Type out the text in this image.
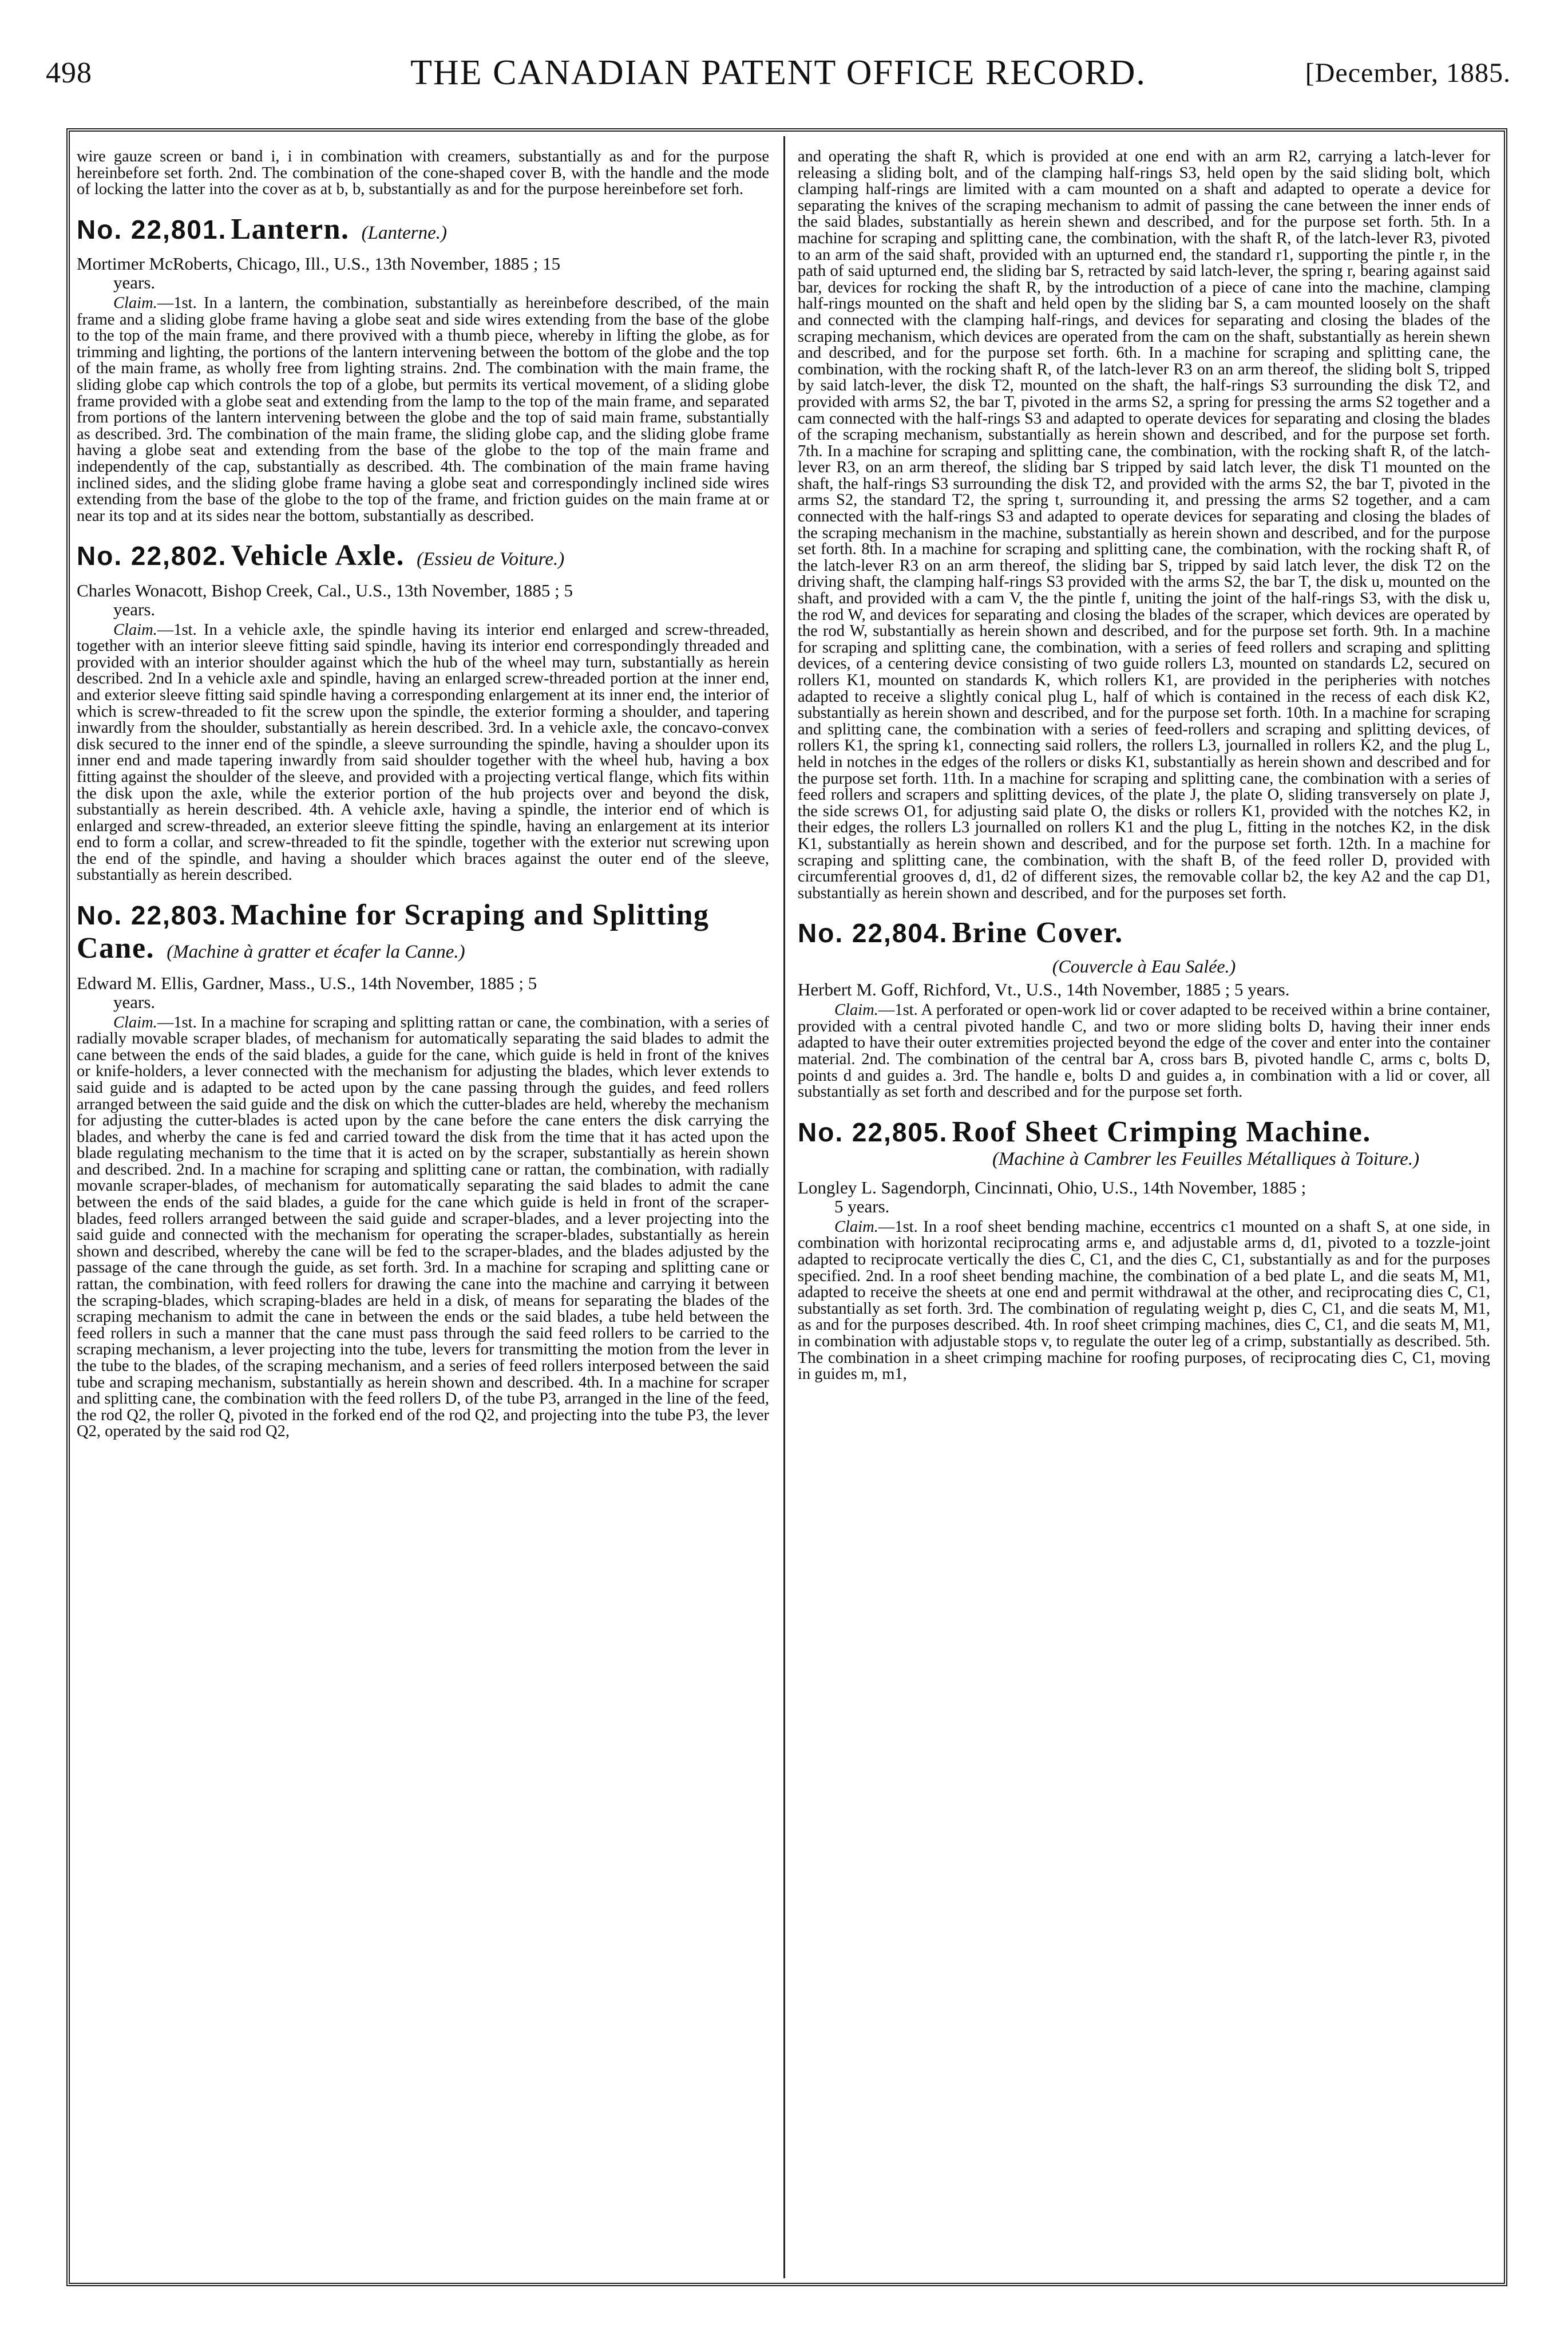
498	THE CANADIAN PATENT OFFICE RECORD.	[December, 1885.

wire gauze screen or band i, i in combination with creamers, substantially as and for the purpose hereinbefore set forth. 2nd. The combination of the cone-shaped cover B, with the handle and the mode of locking the latter into the cover as at b, b, substantially as and for the purpose hereinbefore set forh.

No. 22,801. Lantern. (Lanterne.)
Mortimer McRoberts, Chicago, Ill., U.S., 13th November, 1885 ; 15
years.

Claim.—1st. In a lantern, the combination, substantially as hereinbefore described, of the main frame and a sliding globe frame having a globe seat and side wires extending from the base of the globe to the top of the main frame, and there provived with a thumb piece, whereby in lifting the globe, as for trimming and lighting, the portions of the lantern intervening between the bottom of the globe and the top of the main frame, as wholly free from lighting strains. 2nd. The combination with the main frame, the sliding globe cap which controls the top of a globe, but permits its vertical movement, of a sliding globe frame provided with a globe seat and extending from the lamp to the top of the main frame, and separated from portions of the lantern intervening between the globe and the top of said main frame, substantially as described. 3rd. The combination of the main frame, the sliding globe cap, and the sliding globe frame having a globe seat and extending from the base of the globe to the top of the main frame and independently of the cap, substantially as described. 4th. The combination of the main frame having inclined sides, and the sliding globe frame having a globe seat and correspondingly inclined side wires extending from the base of the globe to the top of the frame, and friction guides on the main frame at or near its top and at its sides near the bottom, substantially as described.

No. 22,802. Vehicle Axle. (Essieu de Voiture.)
Charles Wonacott, Bishop Creek, Cal., U.S., 13th November, 1885 ; 5
years.

Claim.—1st. In a vehicle axle, the spindle having its interior end enlarged and screw-threaded, together with an interior sleeve fitting said spindle, having its interior end correspondingly threaded and provided with an interior shoulder against which the hub of the wheel may turn, substantially as herein described. 2nd In a vehicle axle and spindle, having an enlarged screw-threaded portion at the inner end, and exterior sleeve fitting said spindle having a corresponding enlargement at its inner end, the interior of which is screw-threaded to fit the screw upon the spindle, the exterior forming a shoulder, and tapering inwardly from the shoulder, substantially as herein described. 3rd. In a vehicle axle, the concavo-convex disk secured to the inner end of the spindle, a sleeve surrounding the spindle, having a shoulder upon its inner end and made tapering inwardly from said shoulder together with the wheel hub, having a box fitting against the shoulder of the sleeve, and provided with a projecting vertical flange, which fits within the disk upon the axle, while the exterior portion of the hub projects over and beyond the disk, substantially as herein described. 4th. A vehicle axle, having a spindle, the interior end of which is enlarged and screw-threaded, an exterior sleeve fitting the spindle, having an enlargement at its interior end to form a collar, and screw-threaded to fit the spindle, together with the exterior nut screwing upon the end of the spindle, and having a shoulder which braces against the outer end of the sleeve, substantially as herein described.

No. 22,803. Machine for Scraping and Splitting Cane. (Machine à gratter et écafer la Canne.)
Edward M. Ellis, Gardner, Mass., U.S., 14th November, 1885 ; 5
years.

Claim.—1st. In a machine for scraping and splitting rattan or cane, the combination, with a series of radially movable scraper blades, of mechanism for automatically separating the said blades to admit the cane between the ends of the said blades, a guide for the cane, which guide is held in front of the knives or knife-holders, a lever connected with the mechanism for adjusting the blades, which lever extends to said guide and is adapted to be acted upon by the cane passing through the guides, and feed rollers arranged between the said guide and the disk on which the cutter-blades are held, whereby the mechanism for adjusting the cutter-blades is acted upon by the cane before the cane enters the disk carrying the blades, and wherby the cane is fed and carried toward the disk from the time that it has acted upon the blade regulating mechanism to the time that it is acted on by the scraper, substantially as herein shown and described. 2nd. In a machine for scraping and splitting cane or rattan, the combination, with radially movanle scraper-blades, of mechanism for automatically separating the said blades to admit the cane between the ends of the said blades, a guide for the cane which guide is held in front of the scraper-blades, feed rollers arranged between the said guide and scraper-blades, and a lever projecting into the said guide and connected with the mechanism for operating the scraper-blades, substantially as herein shown and described, whereby the cane will be fed to the scraper-blades, and the blades adjusted by the passage of the cane through the guide, as set forth. 3rd. In a machine for scraping and splitting cane or rattan, the combination, with feed rollers for drawing the cane into the machine and carrying it between the scraping-blades, which scraping-blades are held in a disk, of means for separating the blades of the scraping mechanism to admit the cane in between the ends or the said blades, a tube held between the feed rollers in such a manner that the cane must pass through the said feed rollers to be carried to the scraping mechanism, a lever projecting into the tube, levers for transmitting the motion from the lever in the tube to the blades, of the scraping mechanism, and a series of feed rollers interposed between the said tube and scraping mechanism, substantially as herein shown and described. 4th. In a machine for scraper and splitting cane, the combination with the feed rollers D, of the tube P3, arranged in the line of the feed, the rod Q2, the roller Q, pivoted in the forked end of the rod Q2, and projecting into the tube P3, the lever Q2, operated by the said rod Q2,

and operating the shaft R, which is provided at one end with an arm R2, carrying a latch-lever for releasing a sliding bolt, and of the clamping half-rings S3, held open by the said sliding bolt, which clamping half-rings are limited with a cam mounted on a shaft and adapted to operate a device for separating the knives of the scraping mechanism to admit of passing the cane between the inner ends of the said blades, substantially as herein shewn and described, and for the purpose set forth. 5th. In a machine for scraping and splitting cane, the combination, with the shaft R, of the latch-lever R3, pivoted to an arm of the said shaft, provided with an upturned end, the standard r1, supporting the pintle r, in the path of said upturned end, the sliding bar S, retracted by said latch-lever, the spring r, bearing against said bar, devices for rocking the shaft R, by the introduction of a piece of cane into the machine, clamping half-rings mounted on the shaft and held open by the sliding bar S, a cam mounted loosely on the shaft and connected with the clamping half-rings, and devices for separating and closing the blades of the scraping mechanism, which devices are operated from the cam on the shaft, substantially as herein shewn and described, and for the purpose set forth. 6th. In a machine for scraping and splitting cane, the combination, with the rocking shaft R, of the latch-lever R3 on an arm thereof, the sliding bolt S, tripped by said latch-lever, the disk T2, mounted on the shaft, the half-rings S3 surrounding the disk T2, and provided with arms S2, the bar T, pivoted in the arms S2, a spring for pressing the arms S2 together and a cam connected with the half-rings S3 and adapted to operate devices for separating and closing the blades of the scraping mechanism, substantially as herein shown and described, and for the purpose set forth. 7th. In a machine for scraping and splitting cane, the combination, with the rocking shaft R, of the latch-lever R3, on an arm thereof, the sliding bar S tripped by said latch lever, the disk T1 mounted on the shaft, the half-rings S3 surrounding the disk T2, and provided with the arms S2, the bar T, pivoted in the arms S2, the standard T2, the spring t, surrounding it, and pressing the arms S2 together, and a cam connected with the half-rings S3 and adapted to operate devices for separating and closing the blades of the scraping mechanism in the machine, substantially as herein shown and described, and for the purpose set forth. 8th. In a machine for scraping and splitting cane, the combination, with the rocking shaft R, of the latch-lever R3 on an arm thereof, the sliding bar S, tripped by said latch lever, the disk T2 on the driving shaft, the clamping half-rings S3 provided with the arms S2, the bar T, the disk u, mounted on the shaft, and provided with a cam V, the the pintle f, uniting the joint of the half-rings S3, with the disk u, the rod W, and devices for separating and closing the blades of the scraper, which devices are operated by the rod W, substantially as herein shown and described, and for the purpose set forth. 9th. In a machine for scraping and splitting cane, the combination, with a series of feed rollers and scraping and splitting devices, of a centering device consisting of two guide rollers L3, mounted on standards L2, secured on rollers K1, mounted on standards K, which rollers K1, are provided in the peripheries with notches adapted to receive a slightly conical plug L, half of which is contained in the recess of each disk K2, substantially as herein shown and described, and for the purpose set forth. 10th. In a machine for scraping and splitting cane, the combination with a series of feed-rollers and scraping and splitting devices, of rollers K1, the spring k1, connecting said rollers, the rollers L3, journalled in rollers K2, and the plug L, held in notches in the edges of the rollers or disks K1, substantially as herein shown and described and for the purpose set forth. 11th. In a machine for scraping and splitting cane, the combination with a series of feed rollers and scrapers and splitting devices, of the plate J, the plate O, sliding transversely on plate J, the side screws O1, for adjusting said plate O, the disks or rollers K1, provided with the notches K2, in their edges, the rollers L3 journalled on rollers K1 and the plug L, fitting in the notches K2, in the disk K1, substantially as herein shown and described, and for the purpose set forth. 12th. In a machine for scraping and splitting cane, the combination, with the shaft B, of the feed roller D, provided with circumferential grooves d, d1, d2 of different sizes, the removable collar b2, the key A2 and the cap D1, substantially as herein shown and described, and for the purposes set forth.

No. 22,804. Brine Cover.
(Couvercle à Eau Salée.)
Herbert M. Goff, Richford, Vt., U.S., 14th November, 1885 ; 5 years.

Claim.—1st. A perforated or open-work lid or cover adapted to be received within a brine container, provided with a central pivoted handle C, and two or more sliding bolts D, having their inner ends adapted to have their outer extremities projected beyond the edge of the cover and enter into the container material. 2nd. The combination of the central bar A, cross bars B, pivoted handle C, arms c, bolts D, points d and guides a. 3rd. The handle e, bolts D and guides a, in combination with a lid or cover, all substantially as set forth and described and for the purpose set forth.

No. 22,805. Roof Sheet Crimping Machine.
(Machine à Cambrer les Feuilles Métalliques à Toiture.)
Longley L. Sagendorph, Cincinnati, Ohio, U.S., 14th November, 1885 ;
5 years.

Claim.—1st. In a roof sheet bending machine, eccentrics c1 mounted on a shaft S, at one side, in combination with horizontal reciprocating arms e, and adjustable arms d, d1, pivoted to a tozzle-joint adapted to reciprocate vertically the dies C, C1, and the dies C, C1, substantially as and for the purposes specified. 2nd. In a roof sheet bending machine, the combination of a bed plate L, and die seats M, M1, adapted to receive the sheets at one end and permit withdrawal at the other, and reciprocating dies C, C1, substantially as set forth. 3rd. The combination of regulating weight p, dies C, C1, and die seats M, M1, as and for the purposes described. 4th. In roof sheet crimping machines, dies C, C1, and die seats M, M1, in combination with adjustable stops v, to regulate the outer leg of a crimp, substantially as described. 5th. The combination in a sheet crimping machine for roofing purposes, of reciprocating dies C, C1, moving in guides m, m1,
